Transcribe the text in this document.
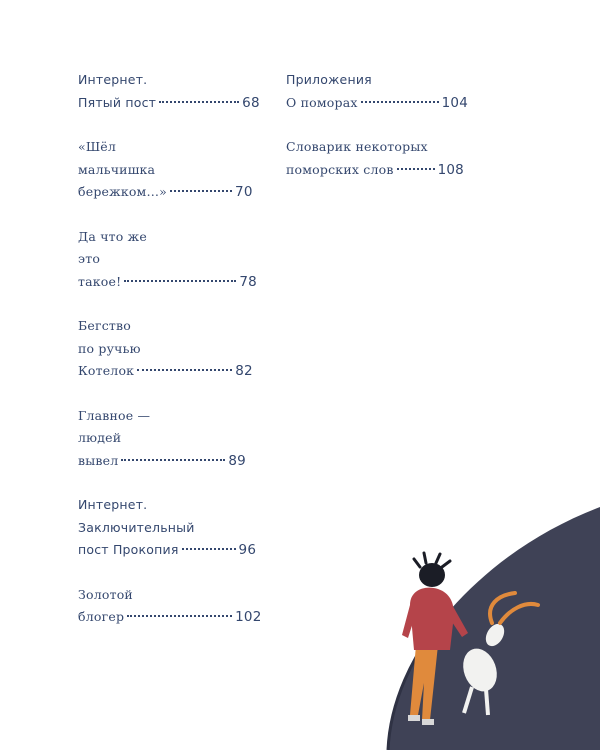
Интернет.
Пятый пост	68
«Шёл
мальчишка
бережком…»	70
Да что же
это
такое!	78
Бегство
по ручью
Котелок	82
Главное —
людей
вывел	89
Интернет.
Заключительный
пост Прокопия	96
Золотой
блогер	102
Приложения
О поморах	104
Словарик некоторых
поморских слов	108
